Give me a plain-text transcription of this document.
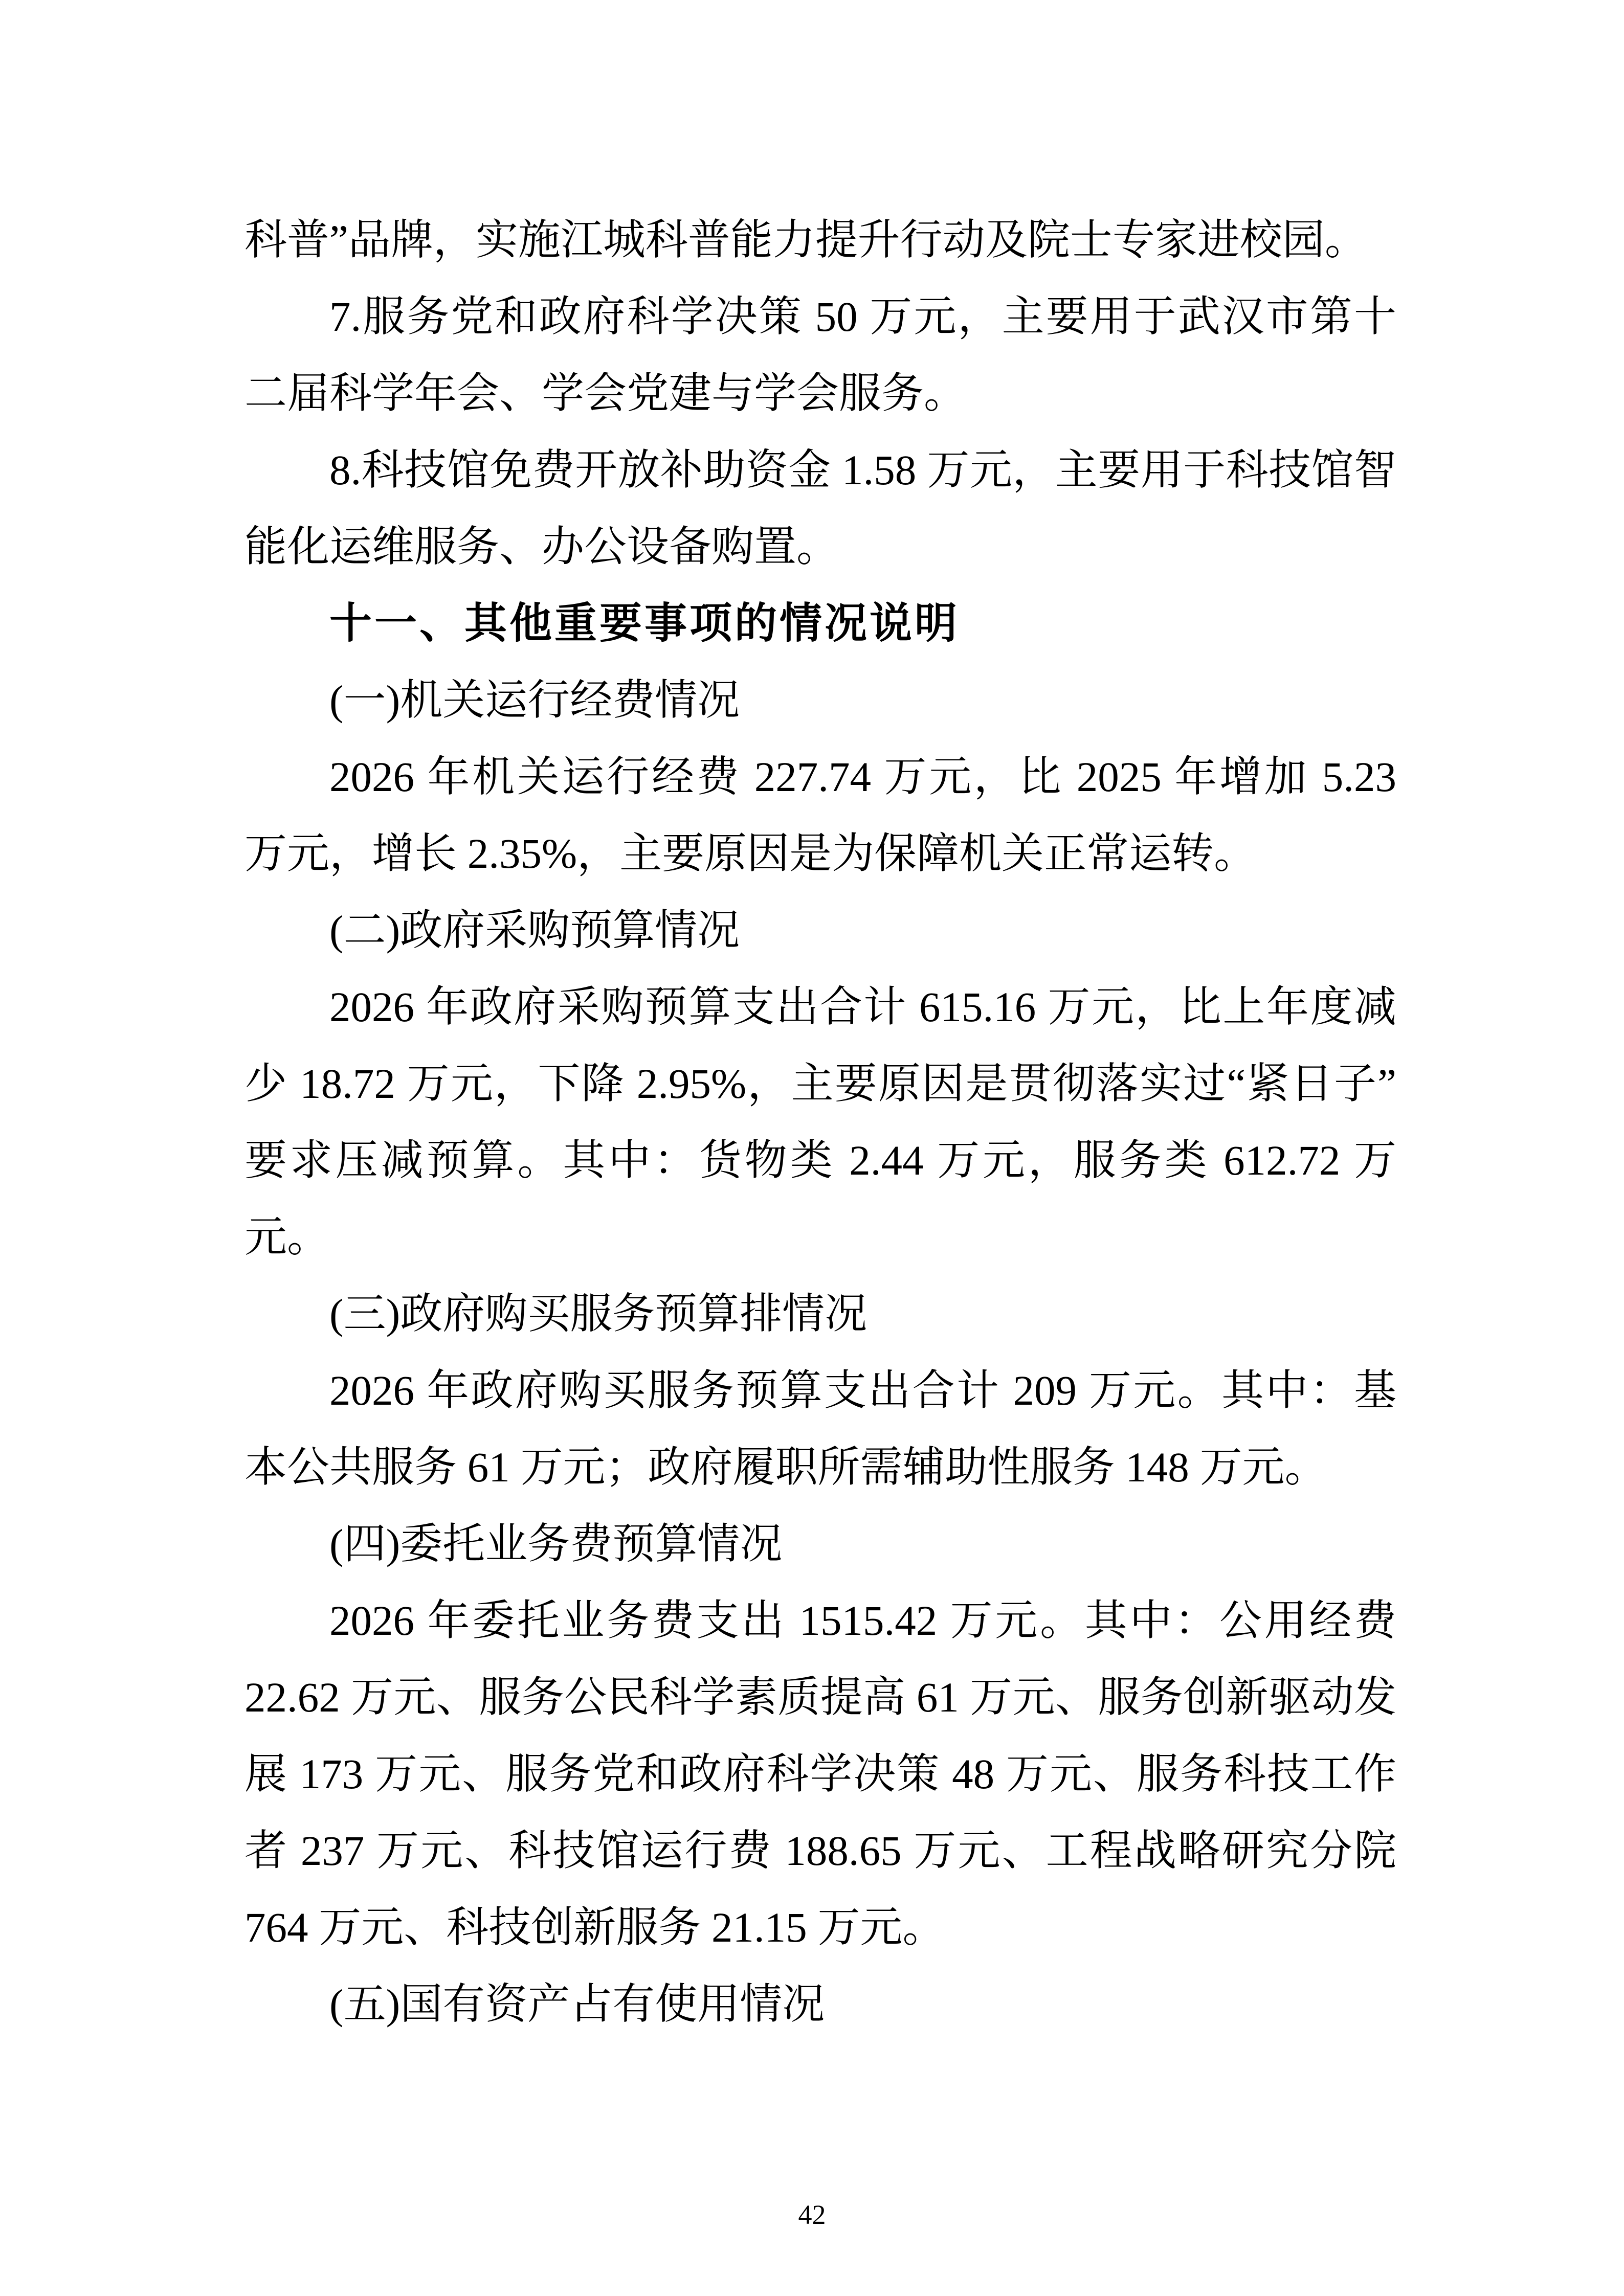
科普”品牌，实施江城科普能力提升行动及院士专家进校园。

7.服务党和政府科学决策 50 万元，主要用于武汉市第十二届科学年会、学会党建与学会服务。

8.科技馆免费开放补助资金 1.58 万元，主要用于科技馆智能化运维服务、办公设备购置。

十一、其他重要事项的情况说明

(一)机关运行经费情况

2026 年机关运行经费 227.74 万元，比 2025 年增加 5.23 万元，增长 2.35%，主要原因是为保障机关正常运转。

(二)政府采购预算情况

2026 年政府采购预算支出合计 615.16 万元，比上年度减少 18.72 万元，下降 2.95%，主要原因是贯彻落实过“紧日子”要求压减预算。其中：货物类 2.44 万元，服务类 612.72 万元。

(三)政府购买服务预算排情况

2026 年政府购买服务预算支出合计 209 万元。其中：基本公共服务 61 万元；政府履职所需辅助性服务 148 万元。

(四)委托业务费预算情况

2026 年委托业务费支出 1515.42 万元。其中：公用经费 22.62 万元、服务公民科学素质提高 61 万元、服务创新驱动发展 173 万元、服务党和政府科学决策 48 万元、服务科技工作者 237 万元、科技馆运行费 188.65 万元、工程战略研究分院 764 万元、科技创新服务 21.15 万元。

(五)国有资产占有使用情况

42
